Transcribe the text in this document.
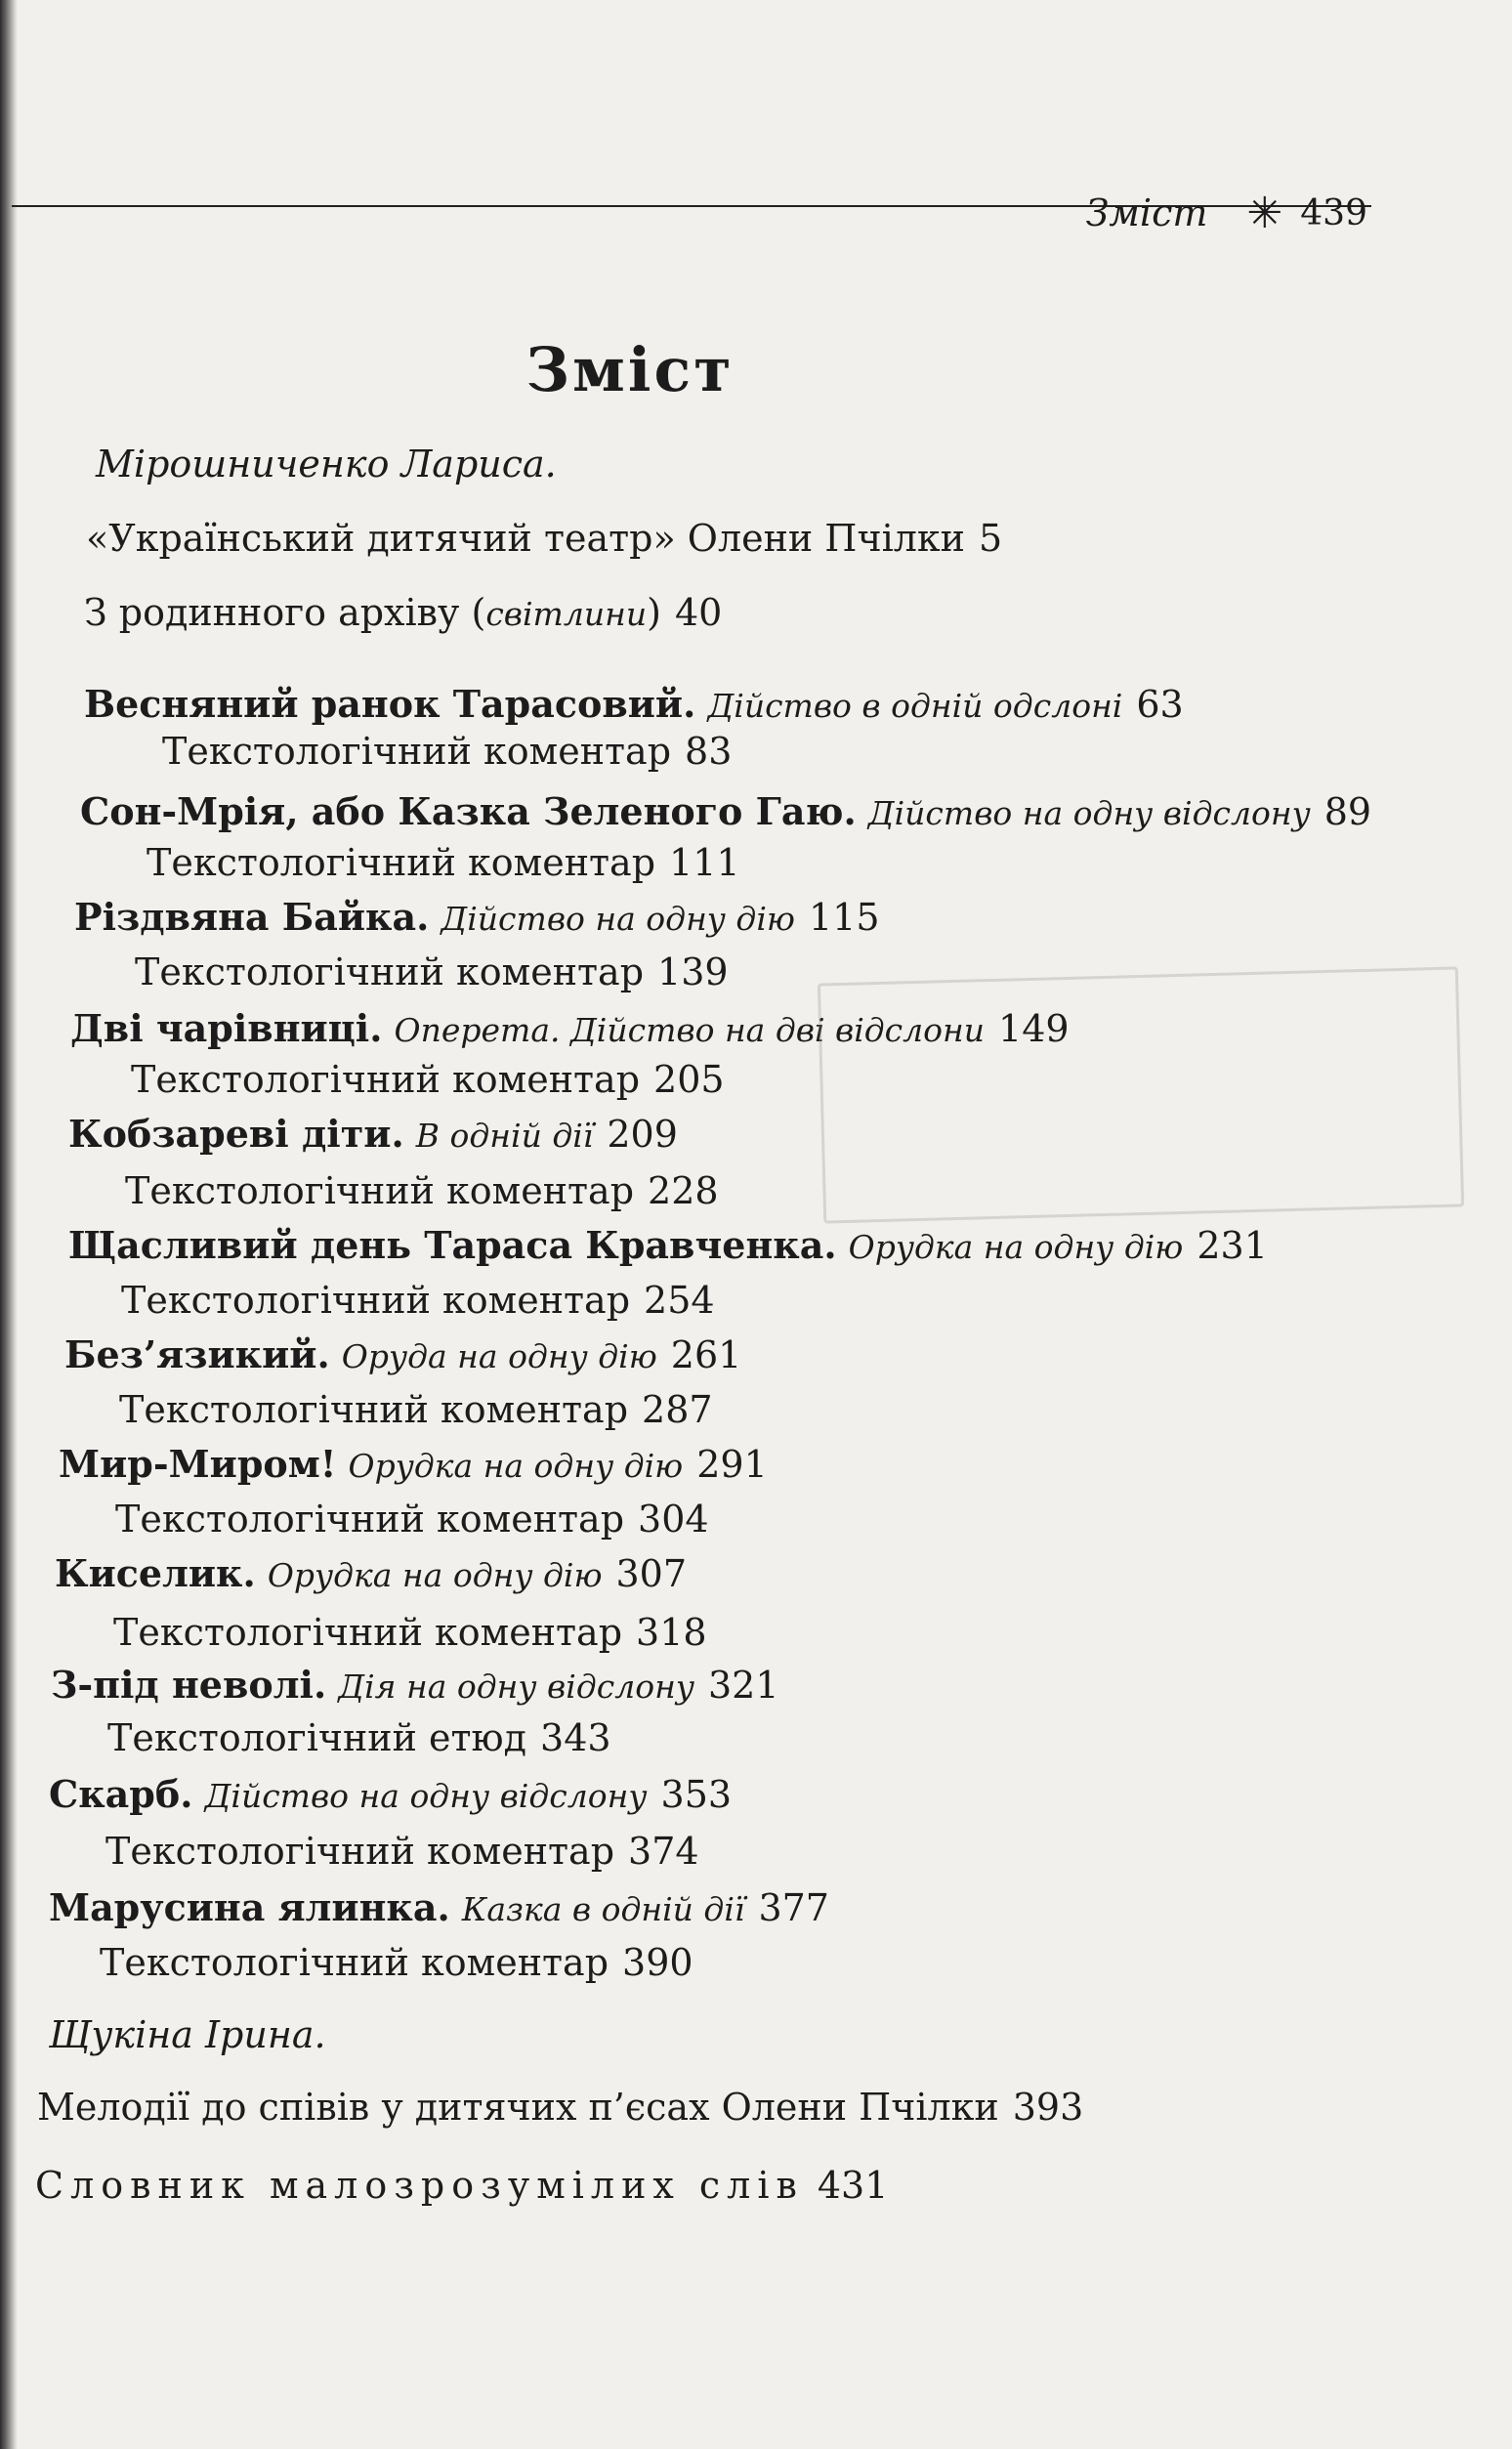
Зміст ✳ 439
Зміст
Мірошниченко Лариса.
«Український дитячий театр» Олени Пчілки 5
З родинного архіву (світлини) 40
Весняний ранок Тарасовий. Дійство в одній одслоні 63
Текстологічний коментар 83
Сон-Мрія, або Казка Зеленого Гаю. Дійство на одну відслону 89
Текстологічний коментар 111
Різдвяна Байка. Дійство на одну дію 115
Текстологічний коментар 139
Дві чарівниці. Оперета. Дійство на дві відслони 149
Текстологічний коментар 205
Кобзареві діти. В одній дії 209
Текстологічний коментар 228
Щасливий день Тараса Кравченка. Орудка на одну дію 231
Текстологічний коментар 254
Без’язикий. Оруда на одну дію 261
Текстологічний коментар 287
Мир-Миром! Орудка на одну дію 291
Текстологічний коментар 304
Киселик. Орудка на одну дію 307
Текстологічний коментар 318
З-під неволі. Дія на одну відслону 321
Текстологічний етюд 343
Скарб. Дійство на одну відслону 353
Текстологічний коментар 374
Марусина ялинка. Казка в одній дії 377
Текстологічний коментар 390
Щукіна Ірина.
Мелодії до співів у дитячих п’єсах Олени Пчілки 393
Словник малозрозумілих слів 431
